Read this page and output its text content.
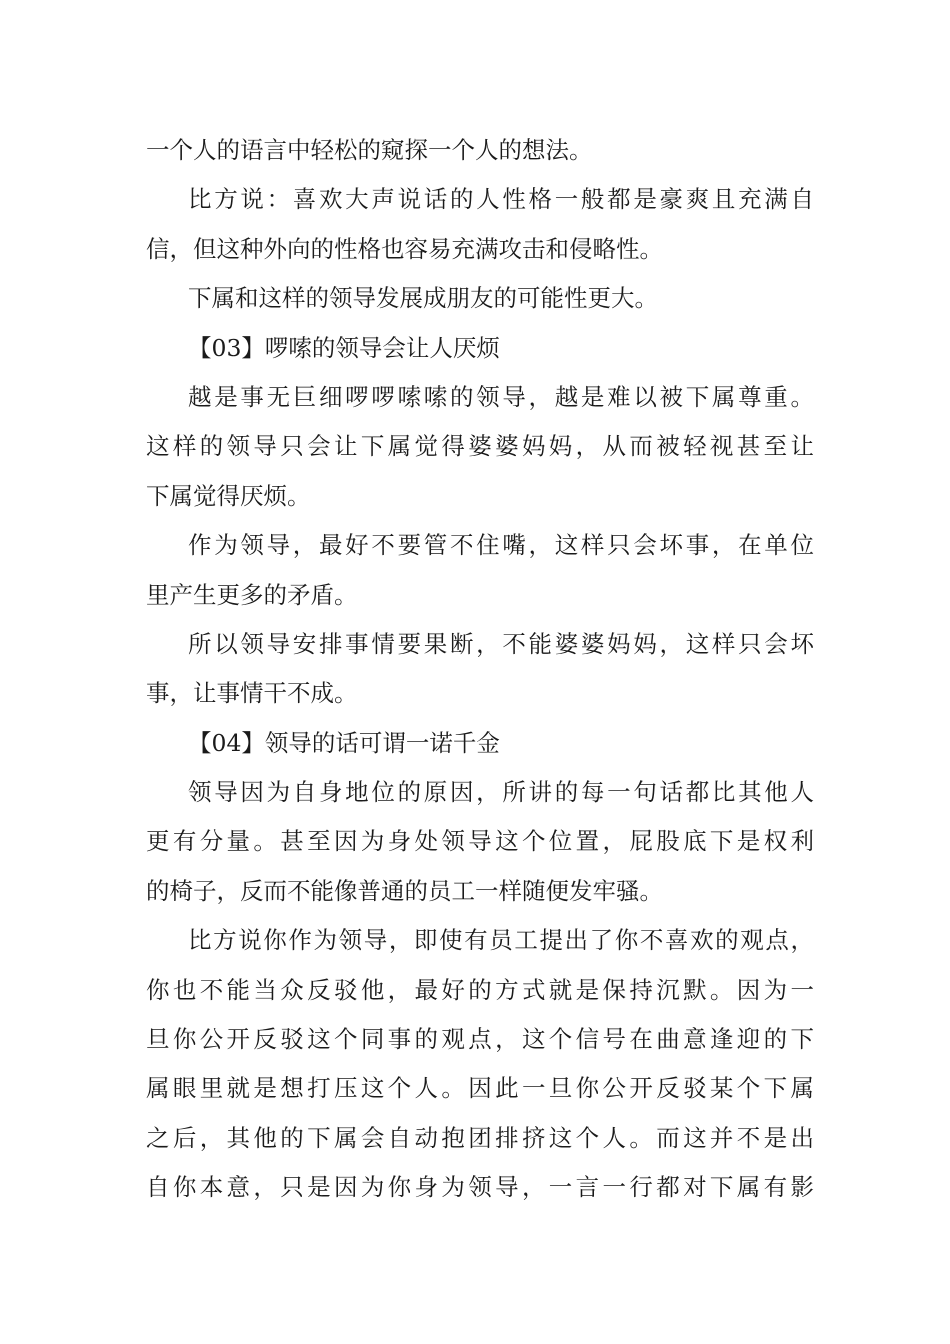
一个人的语言中轻松的窥探一个人的想法。
比方说：喜欢大声说话的人性格一般都是豪爽且充满自
信，但这种外向的性格也容易充满攻击和侵略性。
下属和这样的领导发展成朋友的可能性更大。
【03】啰嗦的领导会让人厌烦
越是事无巨细啰啰嗦嗦的领导，越是难以被下属尊重。
这样的领导只会让下属觉得婆婆妈妈，从而被轻视甚至让
下属觉得厌烦。
作为领导，最好不要管不住嘴，这样只会坏事，在单位
里产生更多的矛盾。
所以领导安排事情要果断，不能婆婆妈妈，这样只会坏
事，让事情干不成。
【04】领导的话可谓一诺千金
领导因为自身地位的原因，所讲的每一句话都比其他人
更有分量。甚至因为身处领导这个位置，屁股底下是权利
的椅子，反而不能像普通的员工一样随便发牢骚。
比方说你作为领导，即使有员工提出了你不喜欢的观点，
你也不能当众反驳他，最好的方式就是保持沉默。因为一
旦你公开反驳这个同事的观点，这个信号在曲意逢迎的下
属眼里就是想打压这个人。因此一旦你公开反驳某个下属
之后，其他的下属会自动抱团排挤这个人。而这并不是出
自你本意，只是因为你身为领导，一言一行都对下属有影
